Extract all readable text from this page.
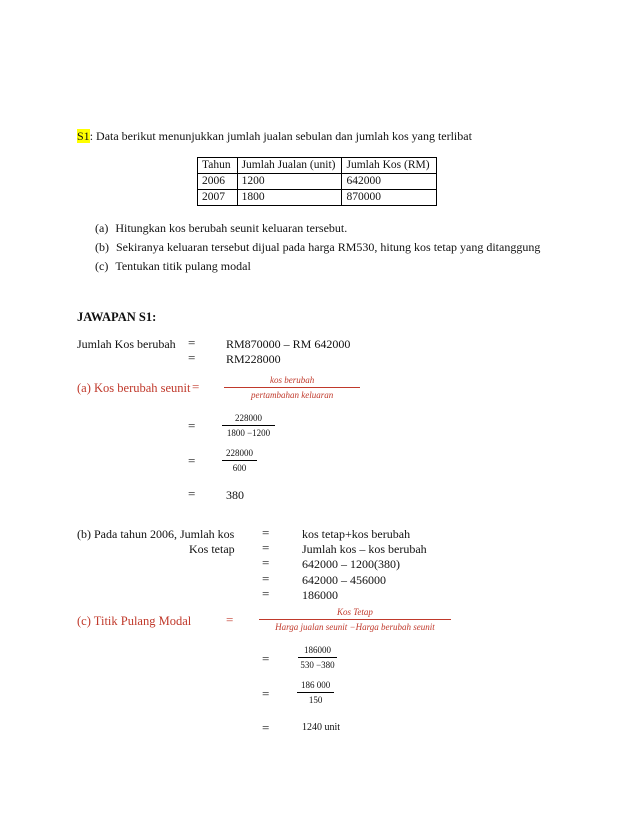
S1: Data berikut menunjukkan jumlah jualan sebulan dan jumlah kos yang terlibat
Tahun	Jumlah Jualan (unit)	Jumlah Kos (RM)
2006	1200	642000
2007	1800	870000
(a) Hitungkan kos berubah seunit keluaran tersebut.
(b) Sekiranya keluaran tersebut dijual pada harga RM530, hitung kos tetap yang ditanggung
(c) Tentukan titik pulang modal
JAWAPAN S1:
Jumlah Kos berubah =	RM870000 – RM 642000
=	RM228000
(a) Kos berubah seunit =	kos berubah
pertambahan keluaran
=	$\frac{228000}{1800 -1200}$
=	$\frac{228000}{600}$
=	380
(b) Pada tahun 2006, Jumlah kos
Kos tetap
=	kos tetap+kos berubah
=	Jumlah kos – kos berubah
=	642000 – 1200(380)
=	642000 – 456000
=	186000
(c) Titik Pulang Modal	=	Kos Tetap
Harga jualan seunit −Harga berubah seunit
=	$\frac{186000}{530 -380}$
=	$\frac{186 000}{150}$
=	1240 unit
